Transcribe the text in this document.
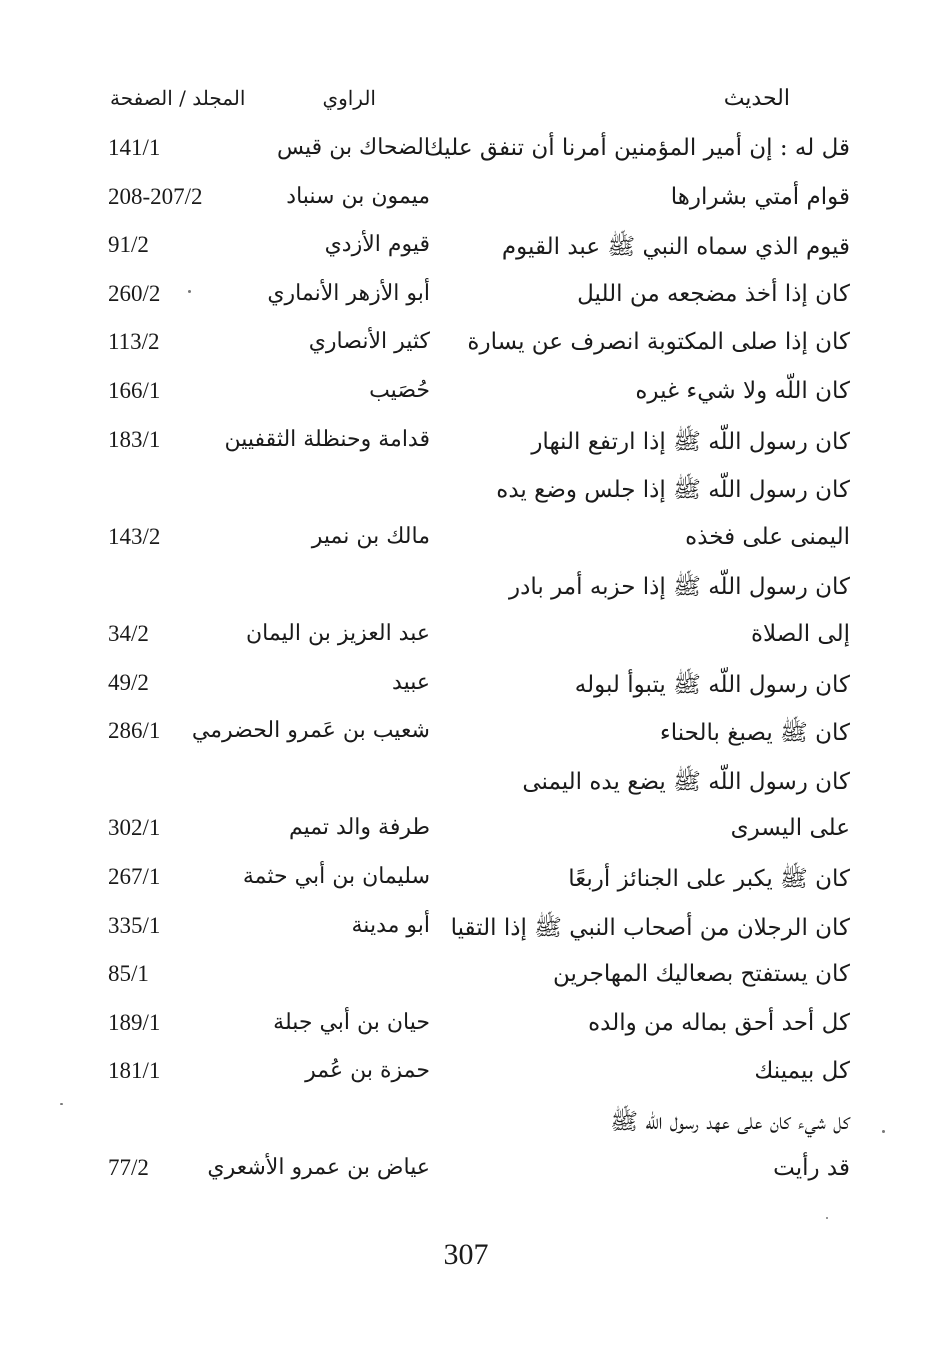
الحديث
الراوي
المجلد / الصفحة
قل له : إن أمير المؤمنين أمرنا أن تنفق عليك
الضحاك بن قيس
141/1
قوام أمتي بشرارها
ميمون بن سنباد
208-207/2
قيوم الذي سماه النبي ﷺ عبد القيوم
قيوم الأزدي
91/2
كان إذا أخذ مضجعه من الليل
أبو الأزهر الأنماري
260/2
كان إذا صلى المكتوبة انصرف عن يسارة
كثير الأنصاري
113/2
كان اللّه ولا شيء غيره
حُصَيب
166/1
كان رسول اللّه ﷺ إذا ارتفع النهار
قدامة وحنظلة الثقفيين
183/1
كان رسول اللّه ﷺ إذا جلس وضع يده
اليمنى على فخذه
مالك بن نمير
143/2
كان رسول اللّه ﷺ إذا حزبه أمر بادر
إلى الصلاة
عبد العزيز بن اليمان
34/2
كان رسول اللّه ﷺ يتبوأ لبوله
عبيد
49/2
كان ﷺ يصبغ بالحناء
شعيب بن عَمرو الحضرمي
286/1
كان رسول اللّه ﷺ يضع يده اليمنى
على اليسرى
طرفة والد تميم
302/1
كان ﷺ يكبر على الجنائز أربعًا
سليمان بن أبي حثمة
267/1
كان الرجلان من أصحاب النبي ﷺ إذا التقيا
أبو مدينة
335/1
كان يستفتح بصعاليك المهاجرين
85/1
كل أحد أحق بماله من والده
حيان بن أبي جبلة
189/1
كل بيمينك
حمزة بن عُمر
181/1
كل شيء كان على عهد رسول اللّه ﷺ
قد رأيت
عياض بن عمرو الأشعري
77/2
307
